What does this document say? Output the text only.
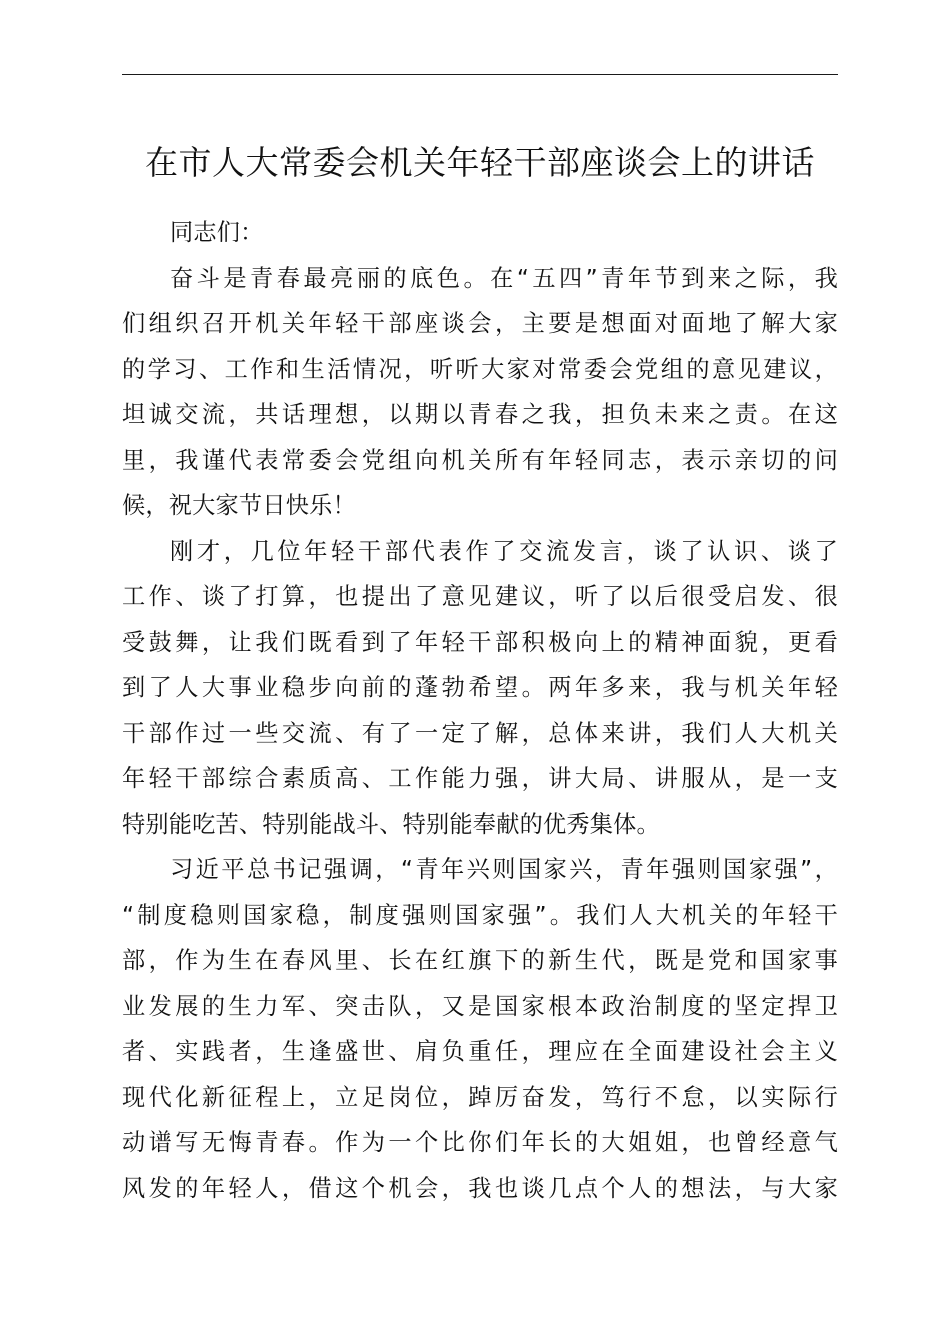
在市人大常委会机关年轻干部座谈会上的讲话
同志们：
奋斗是青春最亮丽的底色。在“五四”青年节到来之际，我
们组织召开机关年轻干部座谈会，主要是想面对面地了解大家
的学习、工作和生活情况，听听大家对常委会党组的意见建议，
坦诚交流，共话理想，以期以青春之我，担负未来之责。在这
里，我谨代表常委会党组向机关所有年轻同志，表示亲切的问
候，祝大家节日快乐！
刚才，几位年轻干部代表作了交流发言，谈了认识、谈了
工作、谈了打算，也提出了意见建议，听了以后很受启发、很
受鼓舞，让我们既看到了年轻干部积极向上的精神面貌，更看
到了人大事业稳步向前的蓬勃希望。两年多来，我与机关年轻
干部作过一些交流、有了一定了解，总体来讲，我们人大机关
年轻干部综合素质高、工作能力强，讲大局、讲服从，是一支
特别能吃苦、特别能战斗、特别能奉献的优秀集体。
习近平总书记强调，“青年兴则国家兴，青年强则国家强”，
“制度稳则国家稳，制度强则国家强”。我们人大机关的年轻干
部，作为生在春风里、长在红旗下的新生代，既是党和国家事
业发展的生力军、突击队，又是国家根本政治制度的坚定捍卫
者、实践者，生逢盛世、肩负重任，理应在全面建设社会主义
现代化新征程上，立足岗位，踔厉奋发，笃行不怠，以实际行
动谱写无悔青春。作为一个比你们年长的大姐姐，也曾经意气
风发的年轻人，借这个机会，我也谈几点个人的想法，与大家
